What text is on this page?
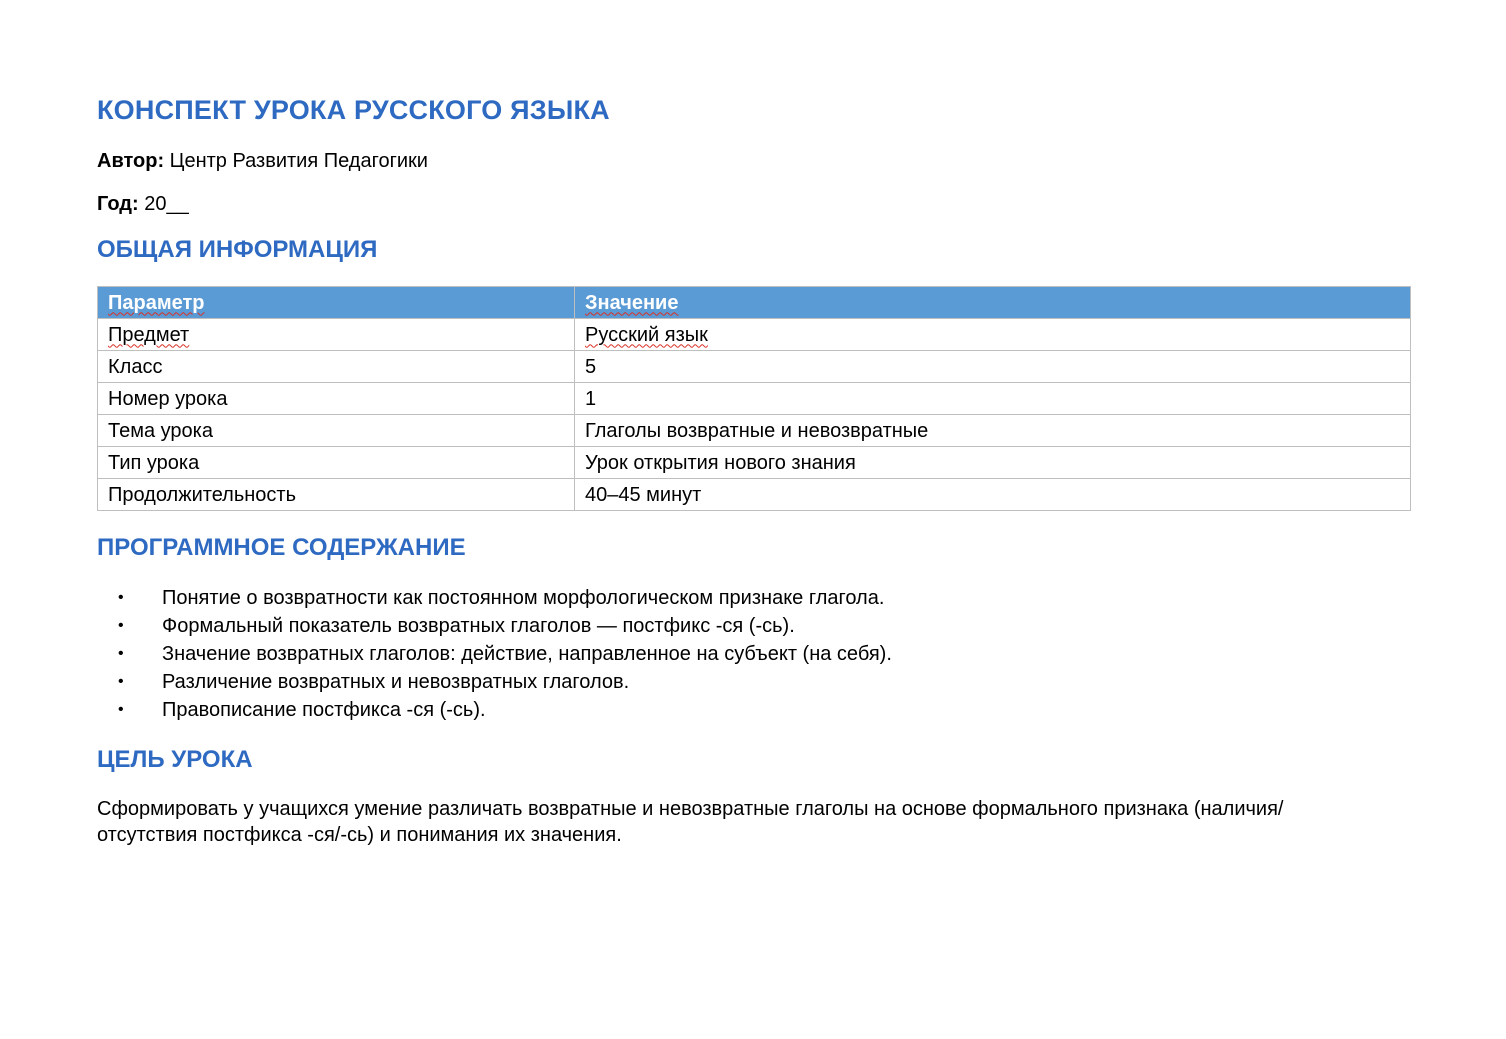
КОНСПЕКТ УРОКА РУССКОГО ЯЗЫКА

Автор: Центр Развития Педагогики

Год: 20__

ОБЩАЯ ИНФОРМАЦИЯ
Параметр	Значение
Предмет	Русский язык
Класс	5
Номер урока	1
Тема урока	Глаголы возвратные и невозвратные
Тип урока	Урок открытия нового знания
Продолжительность	40–45 минут
ПРОГРАММНОЕ СОДЕРЖАНИЕ
• Понятие о возвратности как постоянном морфологическом признаке глагола.
• Формальный показатель возвратных глаголов — постфикс -ся (-сь).
• Значение возвратных глаголов: действие, направленное на субъект (на себя).
• Различение возвратных и невозвратных глаголов.
• Правописание постфикса -ся (-сь).
ЦЕЛЬ УРОКА

Сформировать у учащихся умение различать возвратные и невозвратные глаголы на основе формального признака (наличия/отсутствия постфикса -ся/-сь) и понимания их значения.
